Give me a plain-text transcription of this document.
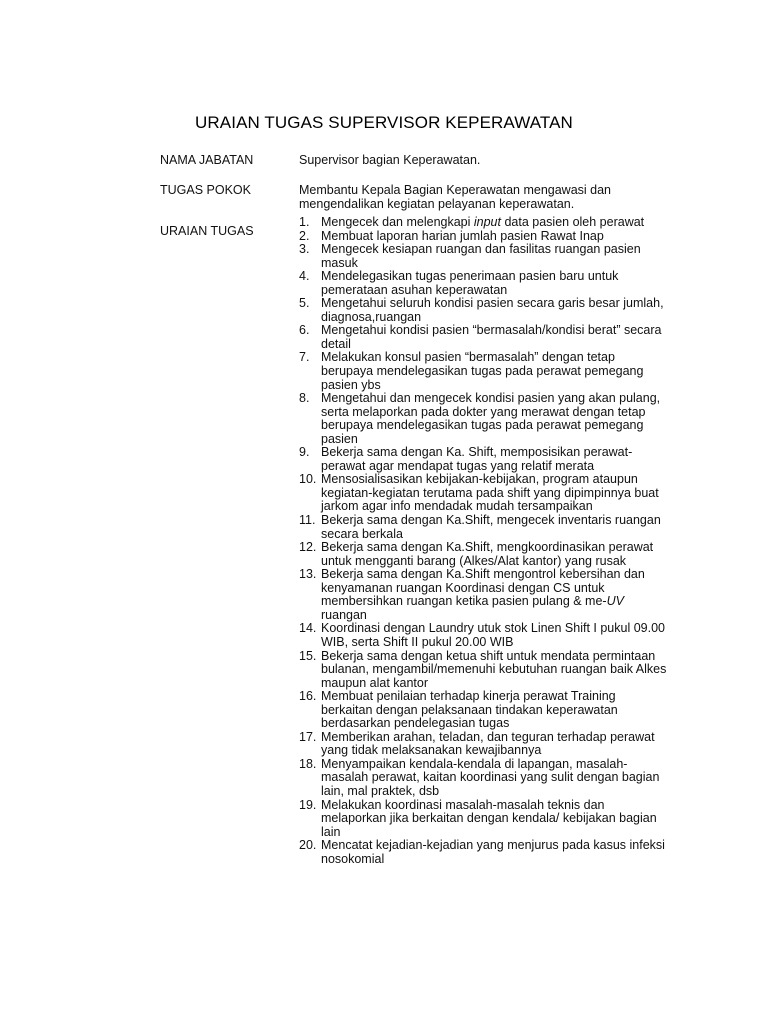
URAIAN TUGAS SUPERVISOR KEPERAWATAN
NAMA JABATAN	Supervisor bagian Keperawatan.
TUGAS POKOK	Membantu Kepala Bagian Keperawatan mengawasi dan mengendalikan kegiatan pelayanan keperawatan.
URAIAN TUGAS
1. Mengecek dan melengkapi input data pasien oleh perawat
2. Membuat laporan harian jumlah pasien Rawat Inap
3. Mengecek kesiapan ruangan dan fasilitas ruangan pasien masuk
4. Mendelegasikan tugas penerimaan pasien baru untuk pemerataan asuhan keperawatan
5. Mengetahui seluruh kondisi pasien secara garis besar jumlah, diagnosa,ruangan
6. Mengetahui kondisi pasien “bermasalah/kondisi berat” secara detail
7. Melakukan konsul pasien “bermasalah” dengan tetap berupaya mendelegasikan tugas pada perawat pemegang pasien ybs
8. Mengetahui dan mengecek kondisi pasien yang akan pulang, serta melaporkan pada dokter yang merawat dengan tetap berupaya mendelegasikan tugas pada perawat pemegang pasien
9. Bekerja sama dengan Ka. Shift, memposisikan perawat-perawat agar mendapat tugas yang relatif merata
10. Mensosialisasikan kebijakan-kebijakan, program ataupun kegiatan-kegiatan terutama pada shift yang dipimpinnya buat jarkom agar info mendadak mudah tersampaikan
11. Bekerja sama dengan Ka.Shift, mengecek inventaris ruangan secara berkala
12. Bekerja sama dengan Ka.Shift, mengkoordinasikan perawat untuk mengganti barang (Alkes/Alat kantor) yang rusak
13. Bekerja sama dengan Ka.Shift mengontrol kebersihan dan kenyamanan ruangan Koordinasi dengan CS untuk membersihkan ruangan ketika pasien pulang & me-UV ruangan
14. Koordinasi dengan Laundry utuk stok Linen Shift I pukul 09.00 WIB, serta Shift II pukul 20.00 WIB
15. Bekerja sama dengan ketua shift untuk mendata permintaan bulanan, mengambil/memenuhi kebutuhan ruangan baik Alkes maupun alat kantor
16. Membuat penilaian terhadap kinerja perawat Training berkaitan dengan pelaksanaan tindakan keperawatan berdasarkan pendelegasian tugas
17. Memberikan arahan, teladan, dan teguran terhadap perawat yang tidak melaksanakan kewajibannya
18. Menyampaikan kendala-kendala di lapangan, masalah-masalah perawat, kaitan koordinasi yang sulit dengan bagian lain, mal praktek, dsb
19. Melakukan koordinasi masalah-masalah teknis dan melaporkan jika berkaitan dengan kendala/ kebijakan bagian lain
20. Mencatat kejadian-kejadian yang menjurus pada kasus infeksi nosokomial
